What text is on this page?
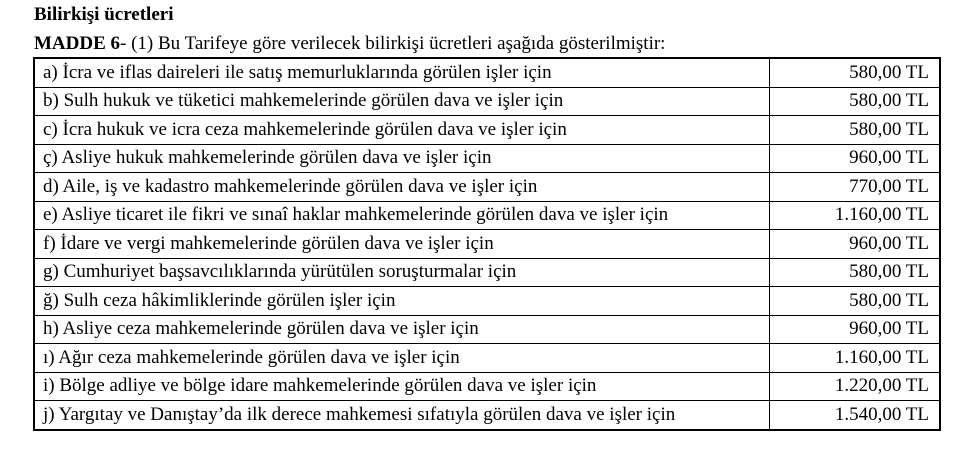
Bilirkişi ücretleri
MADDE 6- (1) Bu Tarifeye göre verilecek bilirkişi ücretleri aşağıda gösterilmiştir:
a) İcra ve iflas daireleri ile satış memurluklarında görülen işler için	580,00 TL
b) Sulh hukuk ve tüketici mahkemelerinde görülen dava ve işler için	580,00 TL
c) İcra hukuk ve icra ceza mahkemelerinde görülen dava ve işler için	580,00 TL
ç) Asliye hukuk mahkemelerinde görülen dava ve işler için	960,00 TL
d) Aile, iş ve kadastro mahkemelerinde görülen dava ve işler için	770,00 TL
e) Asliye ticaret ile fikri ve sınaî haklar mahkemelerinde görülen dava ve işler için	1.160,00 TL
f) İdare ve vergi mahkemelerinde görülen dava ve işler için	960,00 TL
g) Cumhuriyet başsavcılıklarında yürütülen soruşturmalar için	580,00 TL
ğ) Sulh ceza hâkimliklerinde görülen işler için	580,00 TL
h) Asliye ceza mahkemelerinde görülen dava ve işler için	960,00 TL
ı) Ağır ceza mahkemelerinde görülen dava ve işler için	1.160,00 TL
i) Bölge adliye ve bölge idare mahkemelerinde görülen dava ve işler için	1.220,00 TL
j) Yargıtay ve Danıştay’da ilk derece mahkemesi sıfatıyla görülen dava ve işler için	1.540,00 TL
